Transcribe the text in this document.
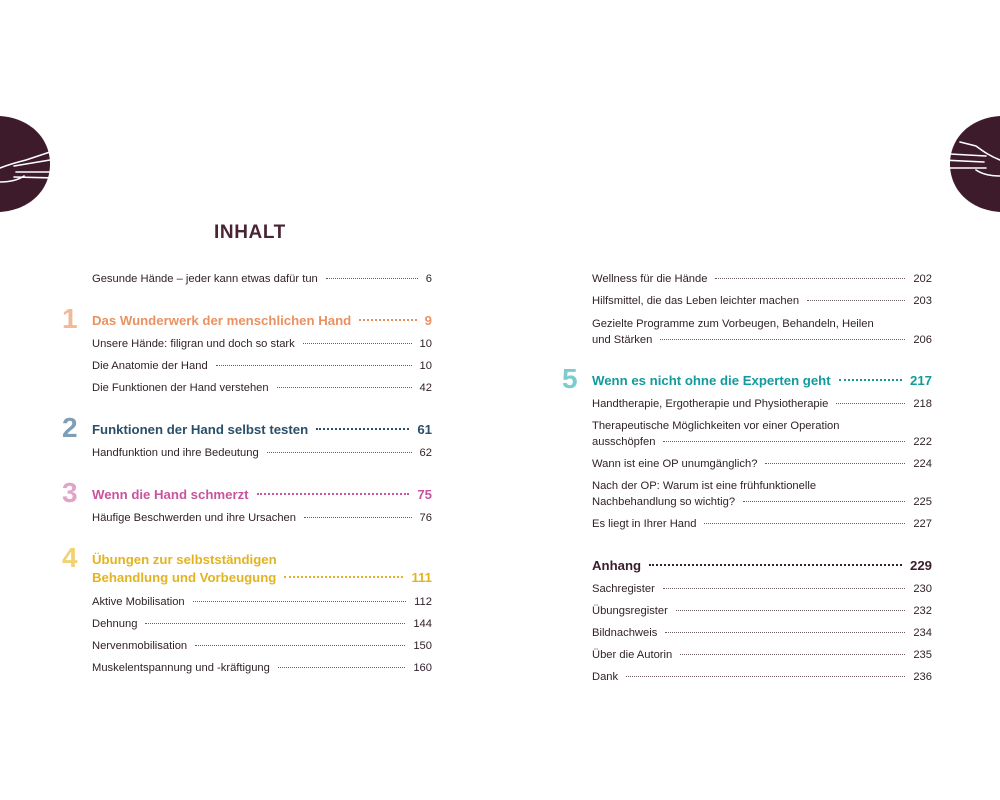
INHALT
Gesunde Hände – jeder kann etwas dafür tun	6
1 Das Wunderwerk der menschlichen Hand	9
Unsere Hände: filigran und doch so stark	10
Die Anatomie der Hand	10
Die Funktionen der Hand verstehen	42
2 Funktionen der Hand selbst testen	61
Handfunktion und ihre Bedeutung	62
3 Wenn die Hand schmerzt	75
Häufige Beschwerden und ihre Ursachen	76
4 Übungen zur selbstständigen
Behandlung und Vorbeugung	111
Aktive Mobilisation	112
Dehnung	144
Nervenmobilisation	150
Muskelentspannung und -kräftigung	160
Wellness für die Hände	202
Hilfsmittel, die das Leben leichter machen	203
Gezielte Programme zum Vorbeugen, Behandeln, Heilen
und Stärken	206
5 Wenn es nicht ohne die Experten geht	217
Handtherapie, Ergotherapie und Physiotherapie	218
Therapeutische Möglichkeiten vor einer Operation
ausschöpfen	222
Wann ist eine OP unumgänglich?	224
Nach der OP: Warum ist eine frühfunktionelle
Nachbehandlung so wichtig?	225
Es liegt in Ihrer Hand	227
Anhang	229
Sachregister	230
Übungsregister	232
Bildnachweis	234
Über die Autorin	235
Dank	236
